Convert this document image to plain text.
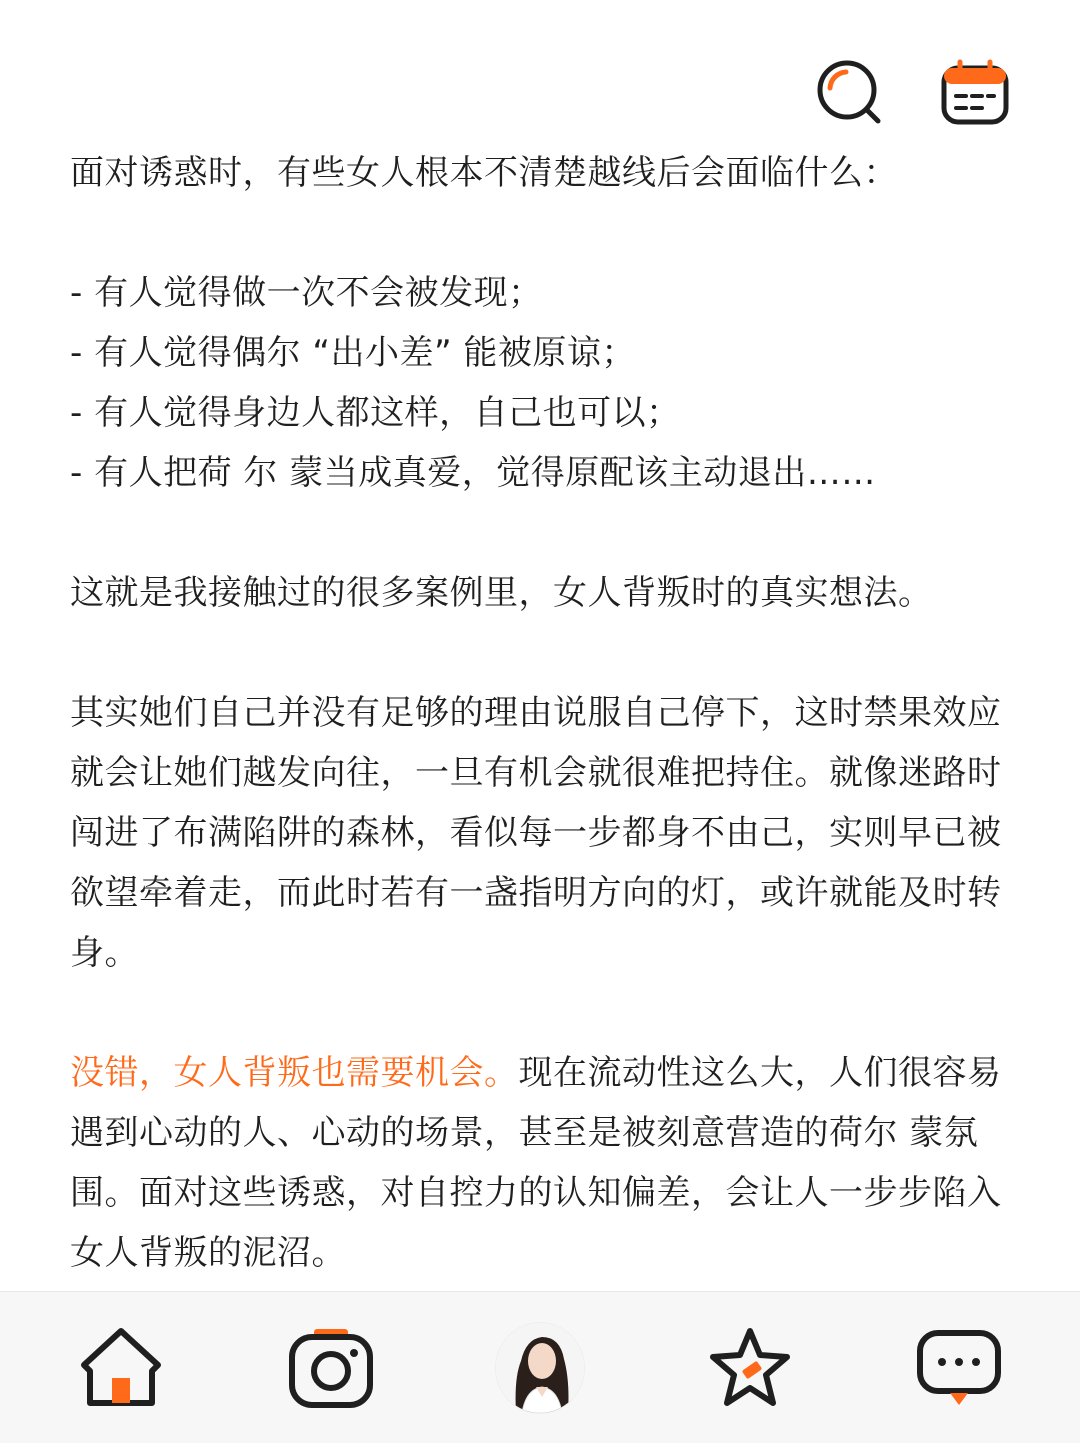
面对诱惑时，有些女人根本不清楚越线后会面临什么：

- 有人觉得做一次不会被发现；

- 有人觉得偶尔 “出小差” 能被原谅；

- 有人觉得身边人都这样，自己也可以；

- 有人把荷 尔 蒙当成真爱，觉得原配该主动退出……

这就是我接触过的很多案例里，女人背叛时的真实想法。

其实她们自己并没有足够的理由说服自己停下，这时禁果效应就会让她们越发向往，一旦有机会就很难把持住。就像迷路时闯进了布满陷阱的森林，看似每一步都身不由己，实则早已被欲望牵着走，而此时若有一盏指明方向的灯，或许就能及时转身。

没错，女人背叛也需要机会。现在流动性这么大，人们很容易遇到心动的人、心动的场景，甚至是被刻意营造的荷尔 蒙氛围。面对这些诱惑，对自控力的认知偏差，会让人一步步陷入女人背叛的泥沼。
